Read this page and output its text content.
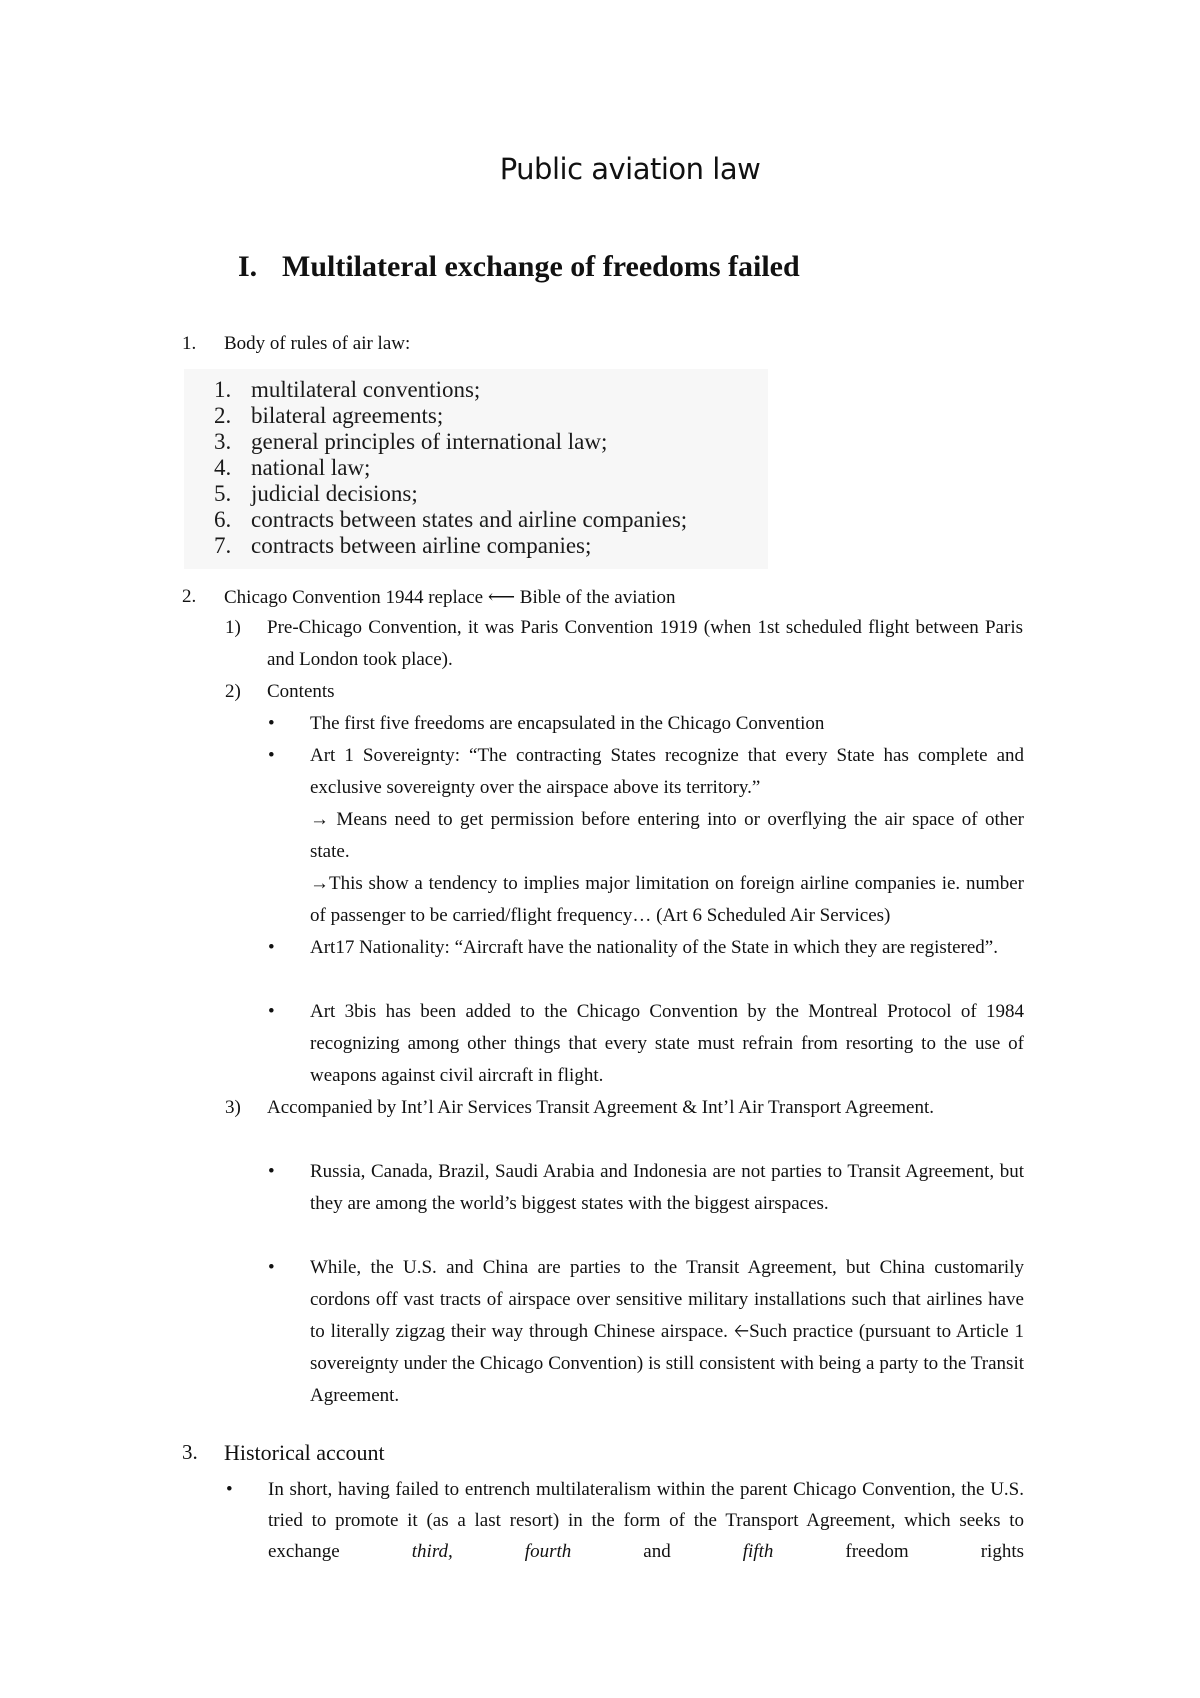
Public aviation law
I. Multilateral exchange of freedoms failed
1. Body of rules of air law:
1. multilateral conventions;
2. bilateral agreements;
3. general principles of international law;
4. national law;
5. judicial decisions;
6. contracts between states and airline companies;
7. contracts between airline companies;
2. Chicago Convention 1944 replace ⟵ Bible of the aviation
1) Pre-Chicago Convention, it was Paris Convention 1919 (when 1st scheduled flight between Paris and London took place).
2) Contents
• The first five freedoms are encapsulated in the Chicago Convention
• Art 1 Sovereignty: “The contracting States recognize that every State has complete and exclusive sovereignty over the airspace above its territory.”
→ Means need to get permission before entering into or overflying the air space of other state.
→This show a tendency to implies major limitation on foreign airline companies ie. number of passenger to be carried/flight frequency… (Art 6 Scheduled Air Services)
• Art17 Nationality: “Aircraft have the nationality of the State in which they are registered”.
• Art 3bis has been added to the Chicago Convention by the Montreal Protocol of 1984 recognizing among other things that every state must refrain from resorting to the use of weapons against civil aircraft in flight.
3) Accompanied by Int’l Air Services Transit Agreement & Int’l Air Transport Agreement.
• Russia, Canada, Brazil, Saudi Arabia and Indonesia are not parties to Transit Agreement, but they are among the world’s biggest states with the biggest airspaces.
• While, the U.S. and China are parties to the Transit Agreement, but China customarily cordons off vast tracts of airspace over sensitive military installations such that airlines have to literally zigzag their way through Chinese airspace. 🡠Such practice (pursuant to Article 1 sovereignty under the Chicago Convention) is still consistent with being a party to the Transit Agreement.
3. Historical account
• In short, having failed to entrench multilateralism within the parent Chicago Convention, the U.S. tried to promote it (as a last resort) in the form of the Transport Agreement, which seeks to exchange	third,	fourth	and	fifth	freedom rights
